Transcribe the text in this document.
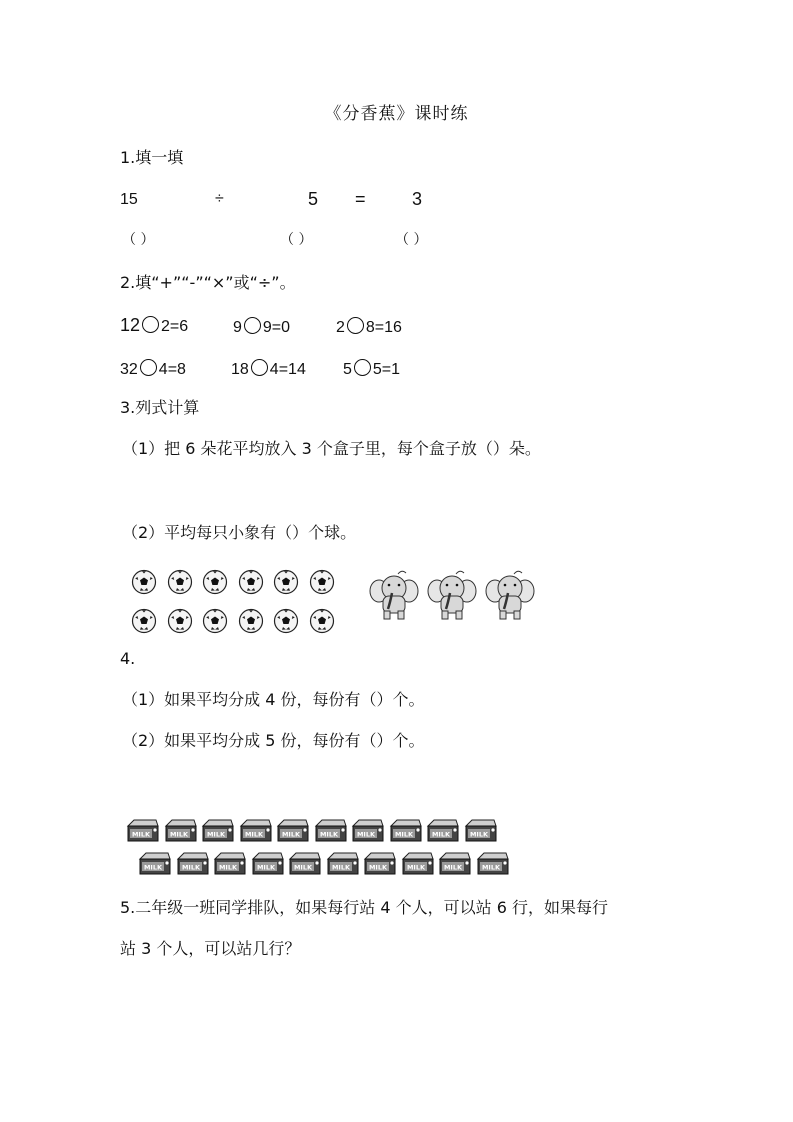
《分香蕉》课时练
1.填一填
15	÷	5 =	3
（ ）	（ ）	（ ）
2.填“+”“-”“×”或“÷”。
12 2=6	9 9=0	2 8=16
32 4=8	18 4=14 5 5=1
3.列式计算
（1）把 6 朵花平均放入 3 个盒子里，每个盒子放（）朵。
（2）平均每只小象有（）个球。
4.
（1）如果平均分成 4 份，每份有（）个。
（2）如果平均分成 5 份，每份有（）个。
MILK	MILK	MILK	MILK	MILK	MILK	MILK	MILK	MILK	MILK
MILK	MILK	MILK	MILK	MILK	MILK	MILK	MILK	MILK	MILK
5.二年级一班同学排队，如果每行站 4 个人，可以站 6 行，如果每行
站 3 个人，可以站几行？
